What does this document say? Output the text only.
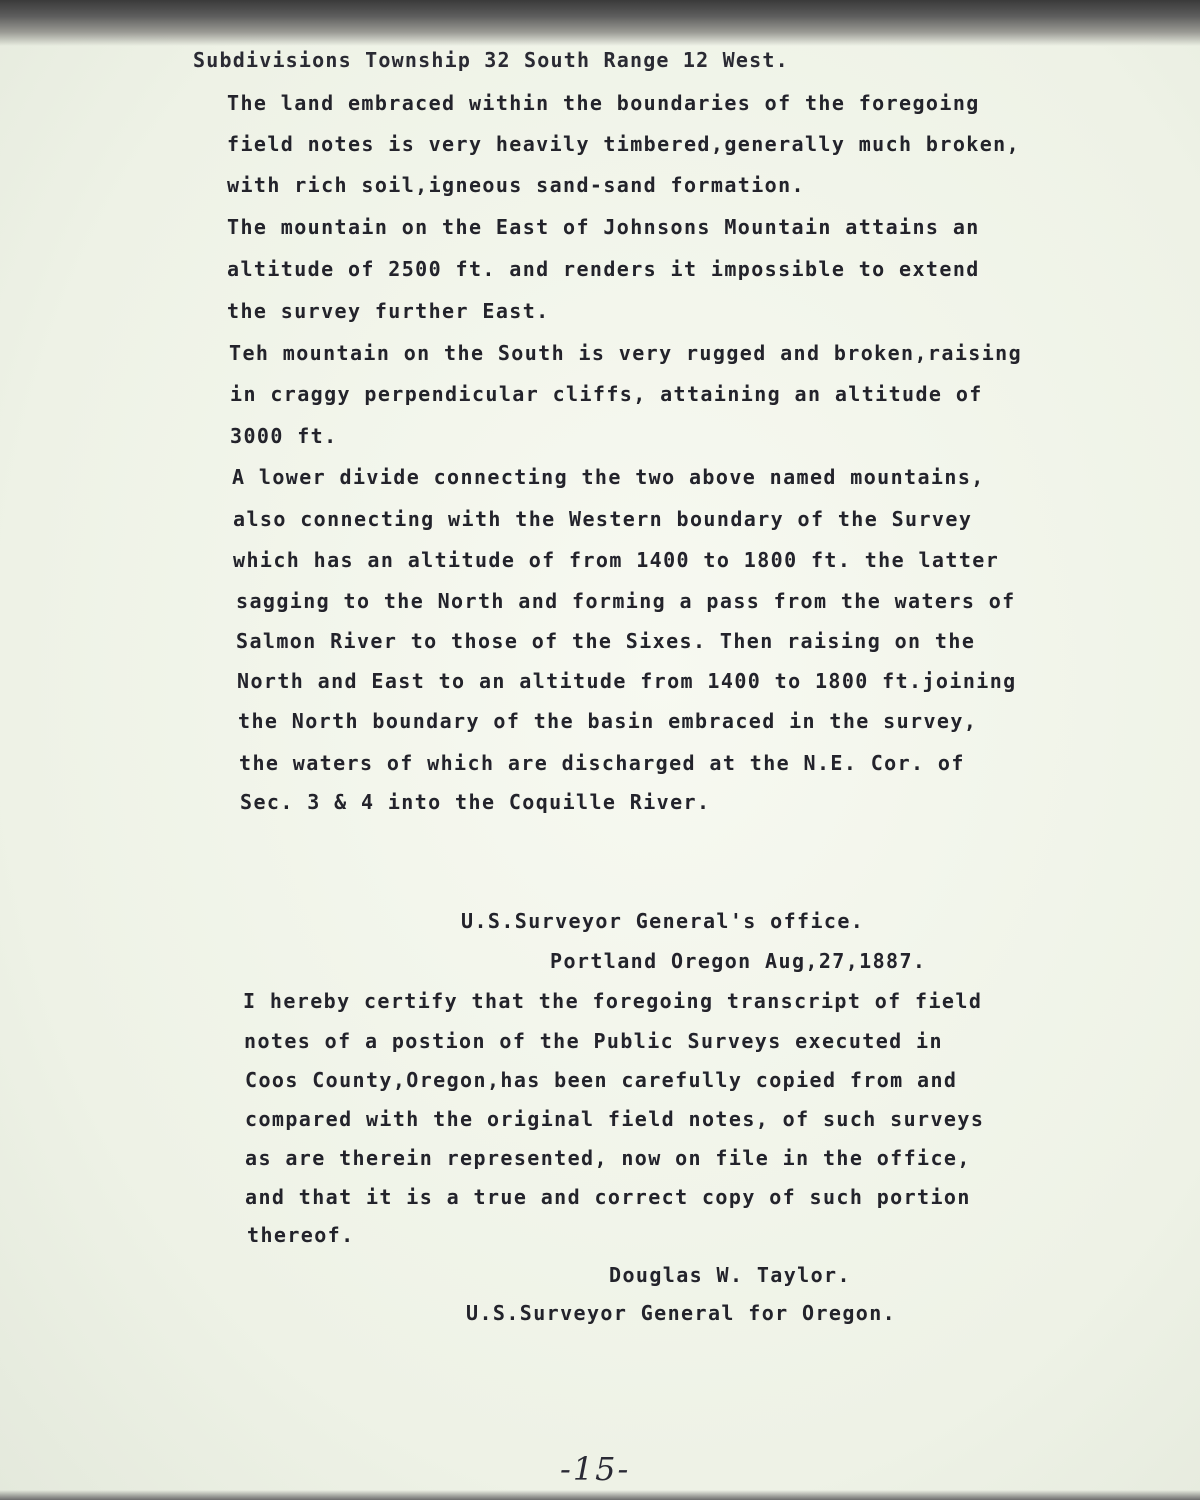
Subdivisions Township 32 South Range 12 West.
The land embraced within the boundaries of the foregoing
field notes is very heavily timbered,generally much broken,
with rich soil,igneous sand-sand formation.
The mountain on the East of Johnsons Mountain attains an
altitude of 2500 ft. and renders it impossible to extend
the survey further East.
Teh mountain on the South is very rugged and broken,raising
in craggy perpendicular cliffs, attaining an altitude of
3000 ft.
A lower divide connecting the two above named mountains,
also connecting with the Western boundary of the Survey
which has an altitude of from 1400 to 1800 ft. the latter
sagging to the North and forming a pass from the waters of
Salmon River to those of the Sixes. Then raising on the
North and East to an altitude from 1400 to 1800 ft.joining
the North boundary of the basin embraced in the survey,
the waters of which are discharged at the N.E. Cor. of
Sec. 3 & 4 into the Coquille River.
U.S.Surveyor General's office.
Portland Oregon Aug,27,1887.
I hereby certify that the foregoing transcript of field
notes of a postion of the Public Surveys executed in
Coos County,Oregon,has been carefully copied from and
compared with the original field notes, of such surveys
as are therein represented, now on file in the office,
and that it is a true and correct copy of such portion
thereof.
Douglas W. Taylor.
U.S.Surveyor General for Oregon.
-15-
